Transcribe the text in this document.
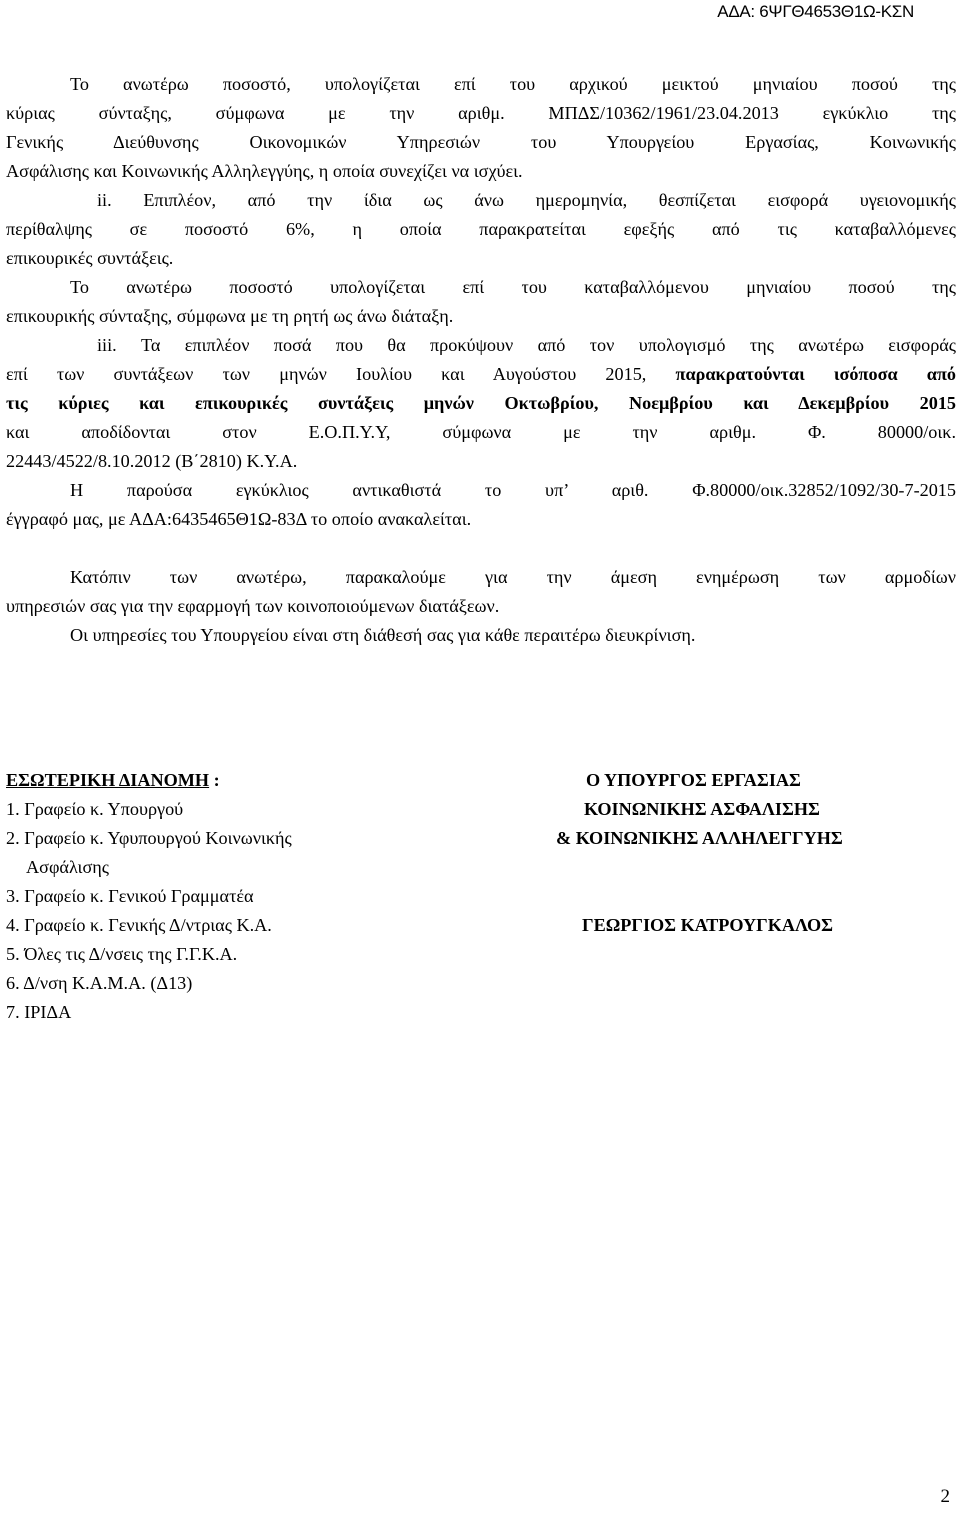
ΑΔΑ: 6ΨΓΘ4653Θ1Ω-ΚΣΝ
Το ανωτέρω ποσοστό, υπολογίζεται επί του αρχικού μεικτού μηνιαίου ποσού της
κύριας σύνταξης, σύμφωνα με την αριθμ. ΜΠΔΣ/10362/1961/23.04.2013 εγκύκλιο της
Γενικής Διεύθυνσης Οικονομικών Υπηρεσιών του Υπουργείου Εργασίας, Κοινωνικής
Ασφάλισης και Κοινωνικής Αλληλεγγύης, η οποία συνεχίζει να ισχύει.
ii. Επιπλέον, από την ίδια ως άνω ημερομηνία, θεσπίζεται εισφορά υγειονομικής
περίθαλψης σε ποσοστό 6%, η οποία παρακρατείται εφεξής από τις καταβαλλόμενες
επικουρικές συντάξεις.
Το ανωτέρω ποσοστό υπολογίζεται επί του καταβαλλόμενου μηνιαίου ποσού της
επικουρικής σύνταξης, σύμφωνα με τη ρητή ως άνω διάταξη.
iii. Τα επιπλέον ποσά που θα προκύψουν από τον υπολογισμό της ανωτέρω εισφοράς
επί των συντάξεων των μηνών Ιουλίου και Αυγούστου 2015, παρακρατούνται ισόποσα από
τις κύριες και επικουρικές συντάξεις μηνών Οκτωβρίου, Νοεμβρίου και Δεκεμβρίου 2015
και αποδίδονται στον Ε.Ο.Π.Υ.Υ, σύμφωνα με την αριθμ. Φ. 80000/οικ.
22443/4522/8.10.2012 (Β΄2810) Κ.Υ.Α.
Η παρούσα εγκύκλιος αντικαθιστά το υπ’ αριθ. Φ.80000/οικ.32852/1092/30-7-2015
έγγραφό μας, με ΑΔΑ:6435465Θ1Ω-83Δ το οποίο ανακαλείται.
Κατόπιν των ανωτέρω, παρακαλούμε για την άμεση ενημέρωση των αρμοδίων
υπηρεσιών σας για την εφαρμογή των κοινοποιούμενων διατάξεων.
Οι υπηρεσίες του Υπουργείου είναι στη διάθεσή σας για κάθε περαιτέρω διευκρίνιση.
ΕΣΩΤΕΡΙΚΗ ΔΙΑΝΟΜΗ :
1. Γραφείο κ. Υπουργού
2. Γραφείο κ. Υφυπουργού Κοινωνικής
Ασφάλισης
3. Γραφείο κ. Γενικού Γραμματέα
4. Γραφείο κ. Γενικής Δ/ντριας Κ.Α.
5. Όλες τις Δ/νσεις της Γ.Γ.Κ.Α.
6. Δ/νση Κ.Α.Μ.Α. (Δ13)
7. ΙΡΙΔΑ
Ο ΥΠΟΥΡΓΟΣ ΕΡΓΑΣΙΑΣ
ΚΟΙΝΩΝΙΚΗΣ ΑΣΦΑΛΙΣΗΣ
& ΚΟΙΝΩΝΙΚΗΣ ΑΛΛΗΛΕΓΓΥΗΣ
ΓΕΩΡΓΙΟΣ ΚΑΤΡΟΥΓΚΑΛΟΣ
2
